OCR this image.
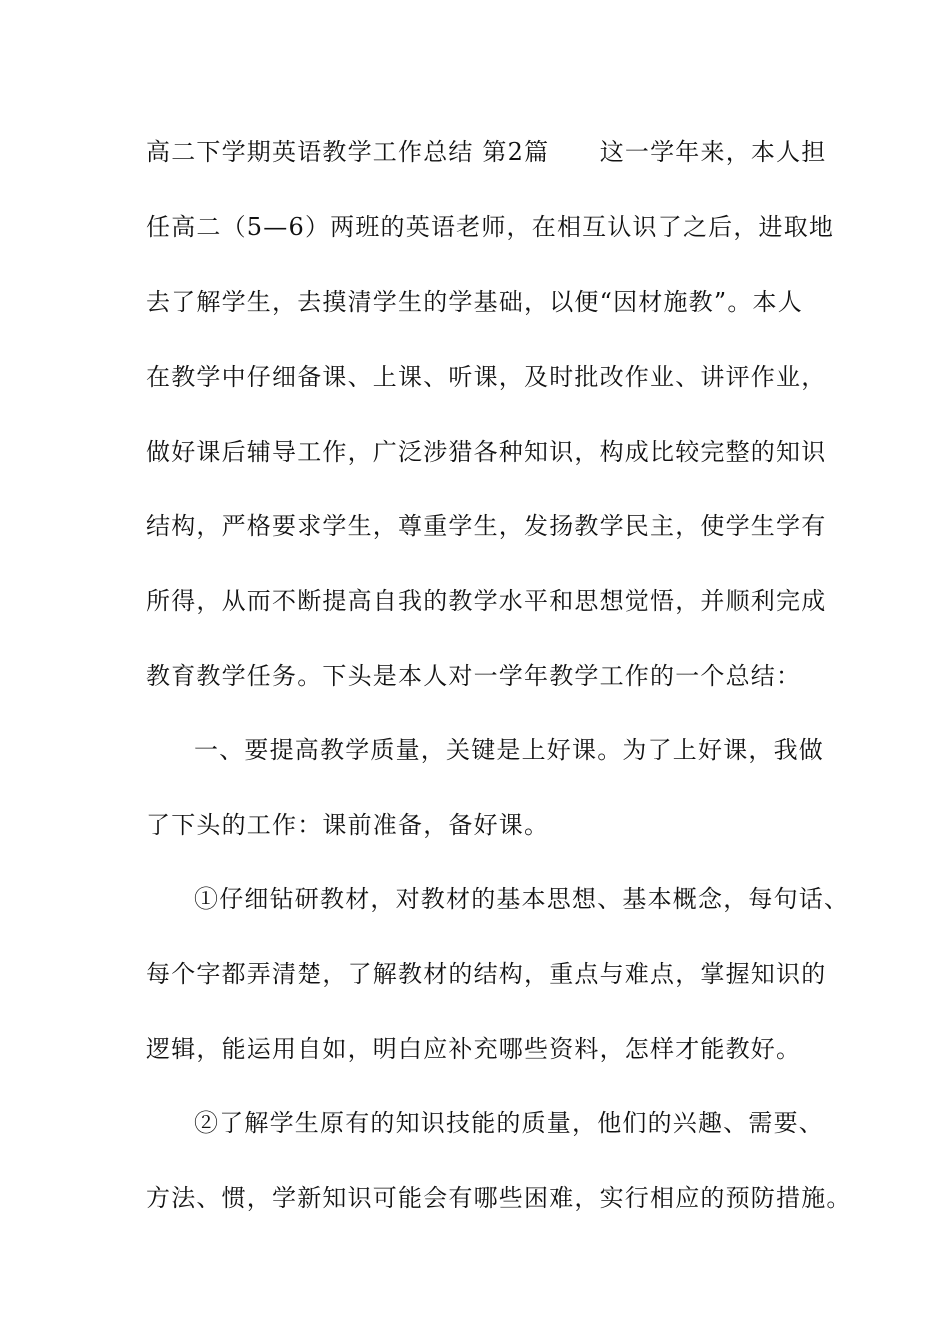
高二下学期英语教学工作总结 第2篇　　这一学年来，本人担
任高二（5—6）两班的英语老师，在相互认识了之后，进取地
去了解学生，去摸清学生的学基础，以便“因材施教”。本人
在教学中仔细备课、上课、听课，及时批改作业、讲评作业，
做好课后辅导工作，广泛涉猎各种知识，构成比较完整的知识
结构，严格要求学生，尊重学生，发扬教学民主，使学生学有
所得，从而不断提高自我的教学水平和思想觉悟，并顺利完成
教育教学任务。下头是本人对一学年教学工作的一个总结：
一、要提高教学质量，关键是上好课。为了上好课，我做
了下头的工作：课前准备，备好课。
①仔细钻研教材，对教材的基本思想、基本概念，每句话、
每个字都弄清楚，了解教材的结构，重点与难点，掌握知识的
逻辑，能运用自如，明白应补充哪些资料，怎样才能教好。
②了解学生原有的知识技能的质量，他们的兴趣、需要、
方法、惯，学新知识可能会有哪些困难，实行相应的预防措施。
